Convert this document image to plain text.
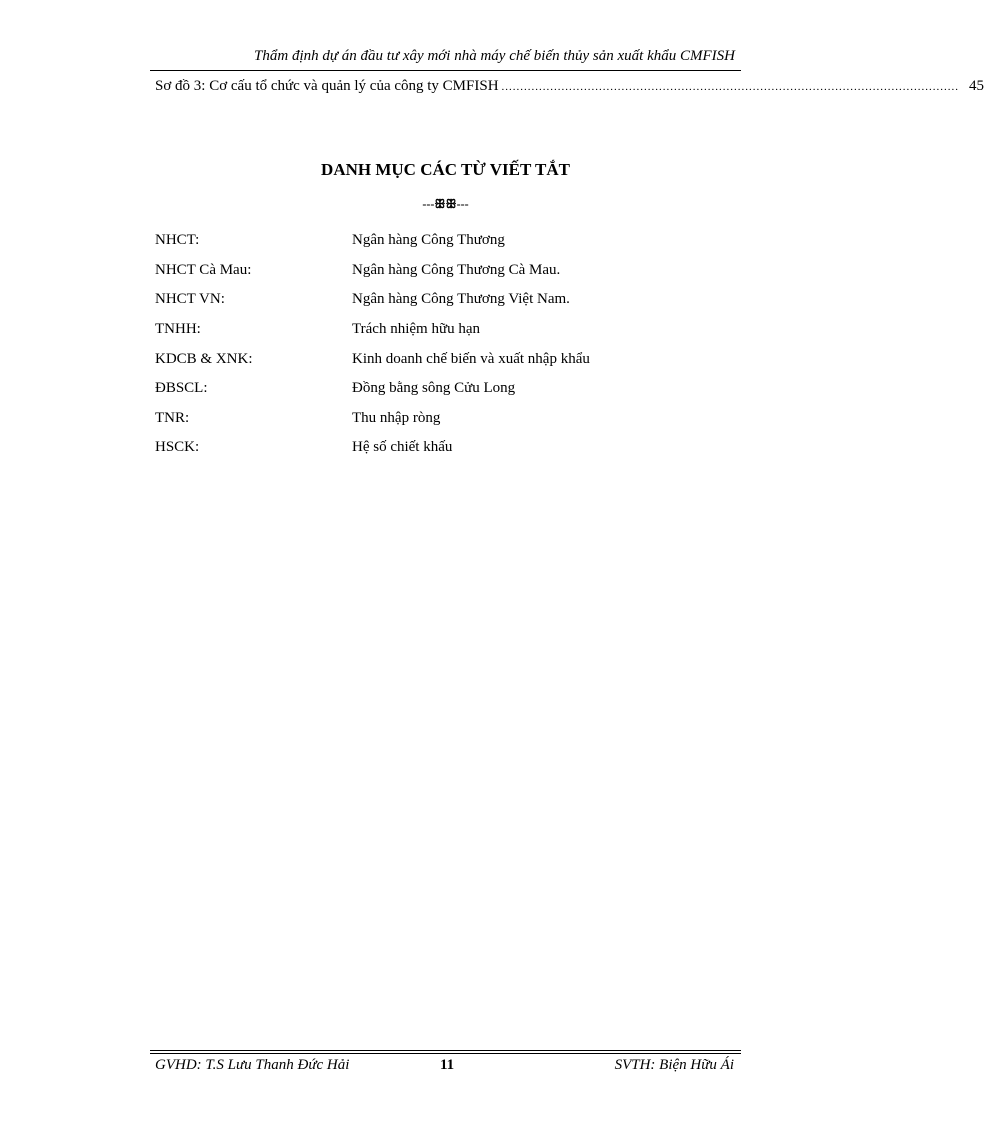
Thẩm định dự án đầu tư xây mới nhà máy chế biến thủy sản xuất khẩu CMFISH
Sơ đồ 3: Cơ cấu tổ chức và quản lý của công ty CMFISH .......................................................................................................................... 45
DANH MỤC CÁC TỪ VIẾT TẮT
---ꕥꕥ---
NHCT:	Ngân hàng Công Thương
NHCT Cà Mau:	Ngân hàng Công Thương Cà Mau.
NHCT VN:	Ngân hàng Công Thương Việt Nam.
TNHH:	Trách nhiệm hữu hạn
KDCB & XNK:	Kinh doanh chế biến và xuất nhập khẩu
ĐBSCL:	Đồng bằng sông Cửu Long
TNR:	Thu nhập ròng
HSCK:	Hệ số chiết khấu
GVHD: T.S Lưu Thanh Đức Hải	11	SVTH: Biện Hữu Ái
